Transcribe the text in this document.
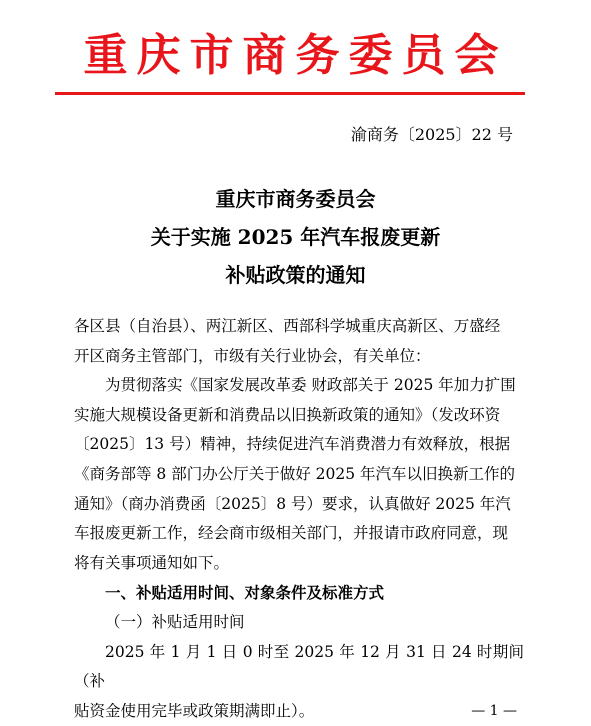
重庆市商务委员会
渝商务〔2025〕22 号
重庆市商务委员会
关于实施 2025 年汽车报废更新
补贴政策的通知

各区县（自治县）、两江新区、西部科学城重庆高新区、万盛经

开区商务主管部门，市级有关行业协会，有关单位：

为贯彻落实《国家发展改革委 财政部关于 2025 年加力扩围

实施大规模设备更新和消费品以旧换新政策的通知》（发改环资

〔2025〕13 号）精神，持续促进汽车消费潜力有效释放，根据

《商务部等 8 部门办公厅关于做好 2025 年汽车以旧换新工作的

通知》（商办消费函〔2025〕8 号）要求，认真做好 2025 年汽

车报废更新工作，经会商市级相关部门，并报请市政府同意，现

将有关事项通知如下。

一、补贴适用时间、对象条件及标准方式

（一）补贴适用时间

2025 年 1 月 1 日 0 时至 2025 年 12 月 31 日 24 时期间（补

贴资金使用完毕或政策期满即止）。	— 1 —
